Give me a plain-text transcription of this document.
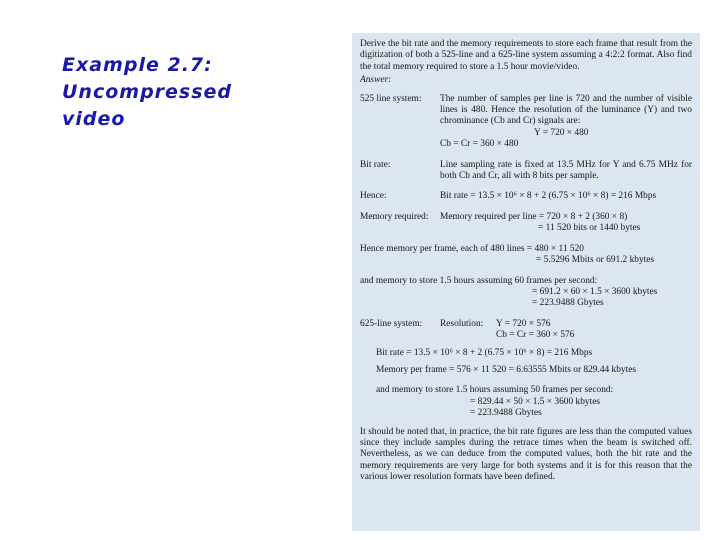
Example 2.7:
Uncompressed
video

Derive the bit rate and the memory requirements to store each frame that result from the digitization of both a 525-line and a 625-line system assuming a 4:2:2 format. Also find the total memory required to store a 1.5 hour movie/video.

Answer:

525 line system:	The number of samples per line is 720 and the number of visible lines is 480. Hence the resolution of the luminance (Y) and two chrominance (Cb and Cr) signals are:
Y = 720 × 480
Cb = Cr = 360 × 480
Bit rate:	Line sampling rate is fixed at 13.5 MHz for Y and 6.75 MHz for both Cb and Cr, all with 8 bits per sample.
Hence:	Bit rate = 13.5 × 10⁶ × 8 + 2 (6.75 × 10⁶ × 8) = 216 Mbps
Memory required:	Memory required per line = 720 × 8 + 2 (360 × 8)
= 11 520 bits or 1440 bytes
Hence memory per frame, each of 480 lines = 480 × 11 520
= 5.5296 Mbits or 691.2 kbytes
and memory to store 1.5 hours assuming 60 frames per second:
= 691.2 × 60 × 1.5 × 3600 kbytes
= 223.9488 Gbytes
625-line system:	Resolution:	Y = 720 × 576
Cb = Cr = 360 × 576
Bit rate = 13.5 × 10⁶ × 8 + 2 (6.75 × 10⁶ × 8) = 216 Mbps
Memory per frame = 576 × 11 520 = 6.63555 Mbits or 829.44 kbytes
and memory to store 1.5 hours assuming 50 frames per second:
= 829.44 × 50 × 1.5 × 3600 kbytes
= 223.9488 Gbytes

It should be noted that, in practice, the bit rate figures are less than the computed values since they include samples during the retrace times when the beam is switched off. Nevertheless, as we can deduce from the computed values, both the bit rate and the memory requirements are very large for both systems and it is for this reason that the various lower resolution formats have been defined.
